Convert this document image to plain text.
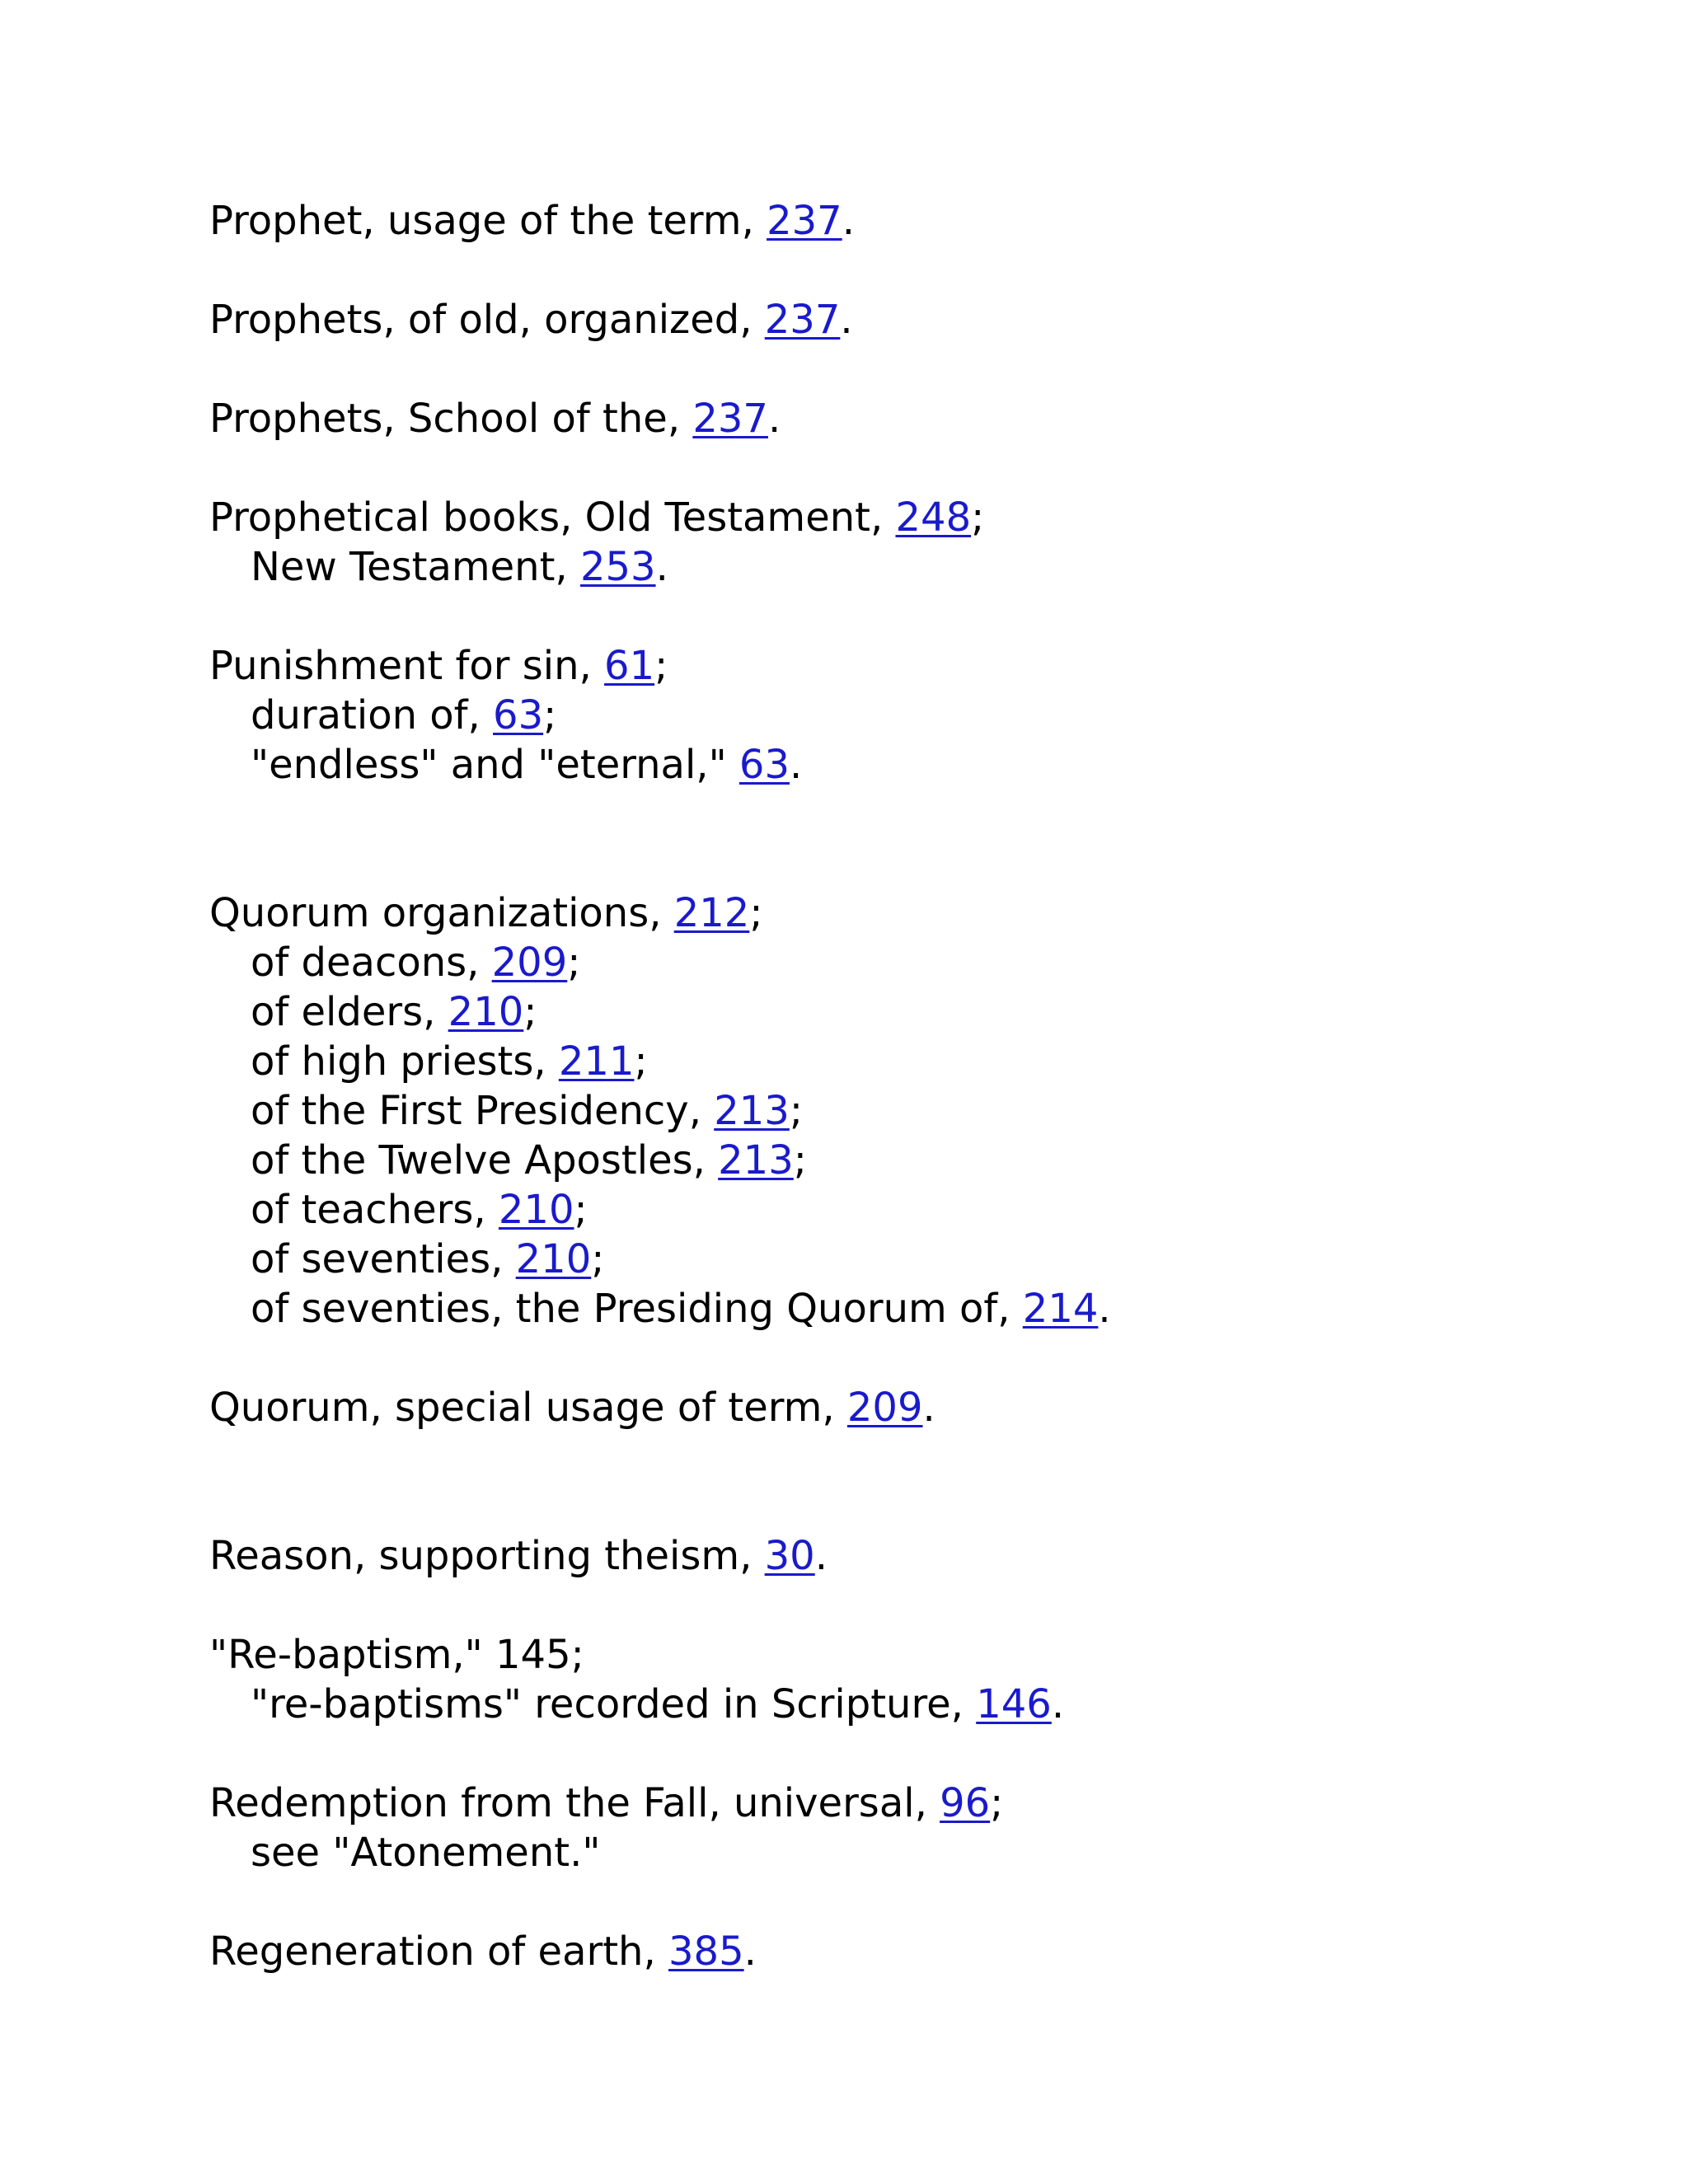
Prophet, usage of the term, 237.
Prophets, of old, organized, 237.
Prophets, School of the, 237.
Prophetical books, Old Testament, 248;
New Testament, 253.
Punishment for sin, 61;
duration of, 63;
"endless" and "eternal," 63.
Quorum organizations, 212;
of deacons, 209;
of elders, 210;
of high priests, 211;
of the First Presidency, 213;
of the Twelve Apostles, 213;
of teachers, 210;
of seventies, 210;
of seventies, the Presiding Quorum of, 214.
Quorum, special usage of term, 209.
Reason, supporting theism, 30.
"Re-baptism," 145;
"re-baptisms" recorded in Scripture, 146.
Redemption from the Fall, universal, 96;
see "Atonement."
Regeneration of earth, 385.
